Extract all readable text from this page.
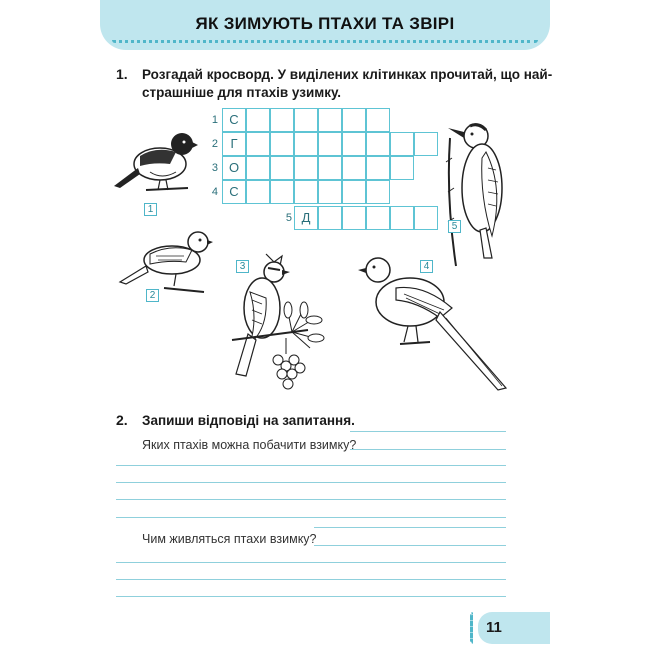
ЯК ЗИМУЮТЬ ПТАХИ ТА ЗВІРІ
1. Розгадай кросворд. У виділених клітинках прочитай, що най-
страшніше для птахів узимку.
1 С
2 Г
3 О
4 С
5 Д
1
2
3	4
5
2. Запиши відповіді на запитання.
Яких птахів можна побачити взимку?
Чим живляться птахи взимку?
11
